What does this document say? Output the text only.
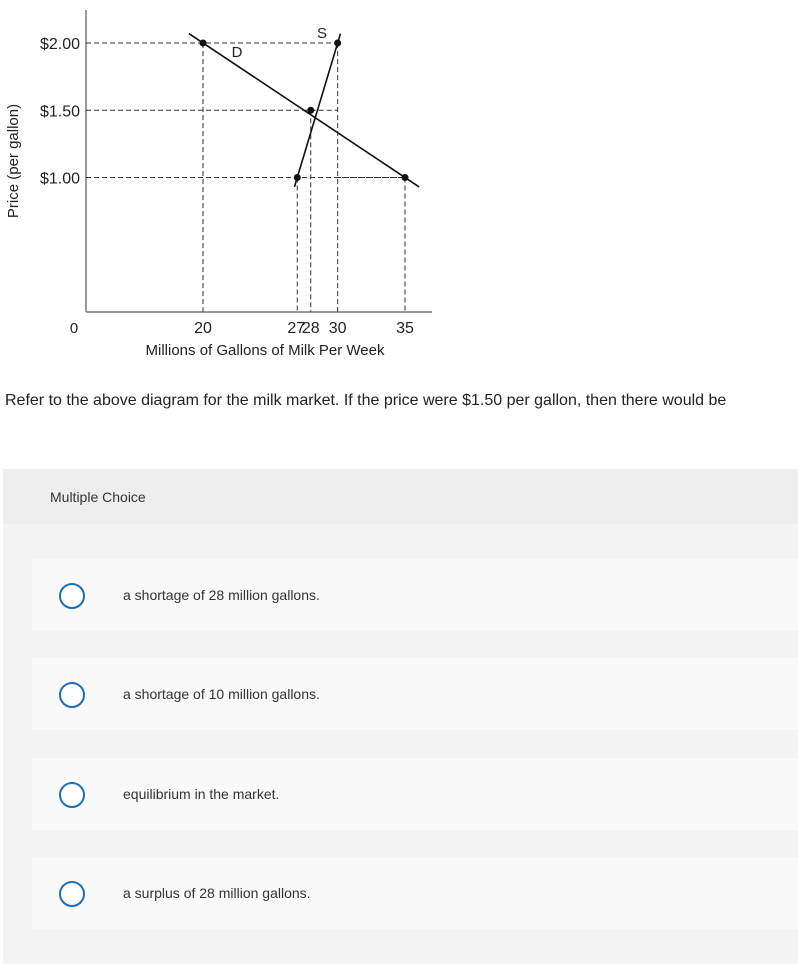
Price (per gallon)
Millions of Gallons of Milk Per Week
0
$2.00
$1.50
$1.00
20	27
28 30	35
D
S
Refer to the above diagram for the milk market. If the price were $1.50 per gallon, then there would be
Multiple Choice
a shortage of 28 million gallons.
a shortage of 10 million gallons.
equilibrium in the market.
a surplus of 28 million gallons.
